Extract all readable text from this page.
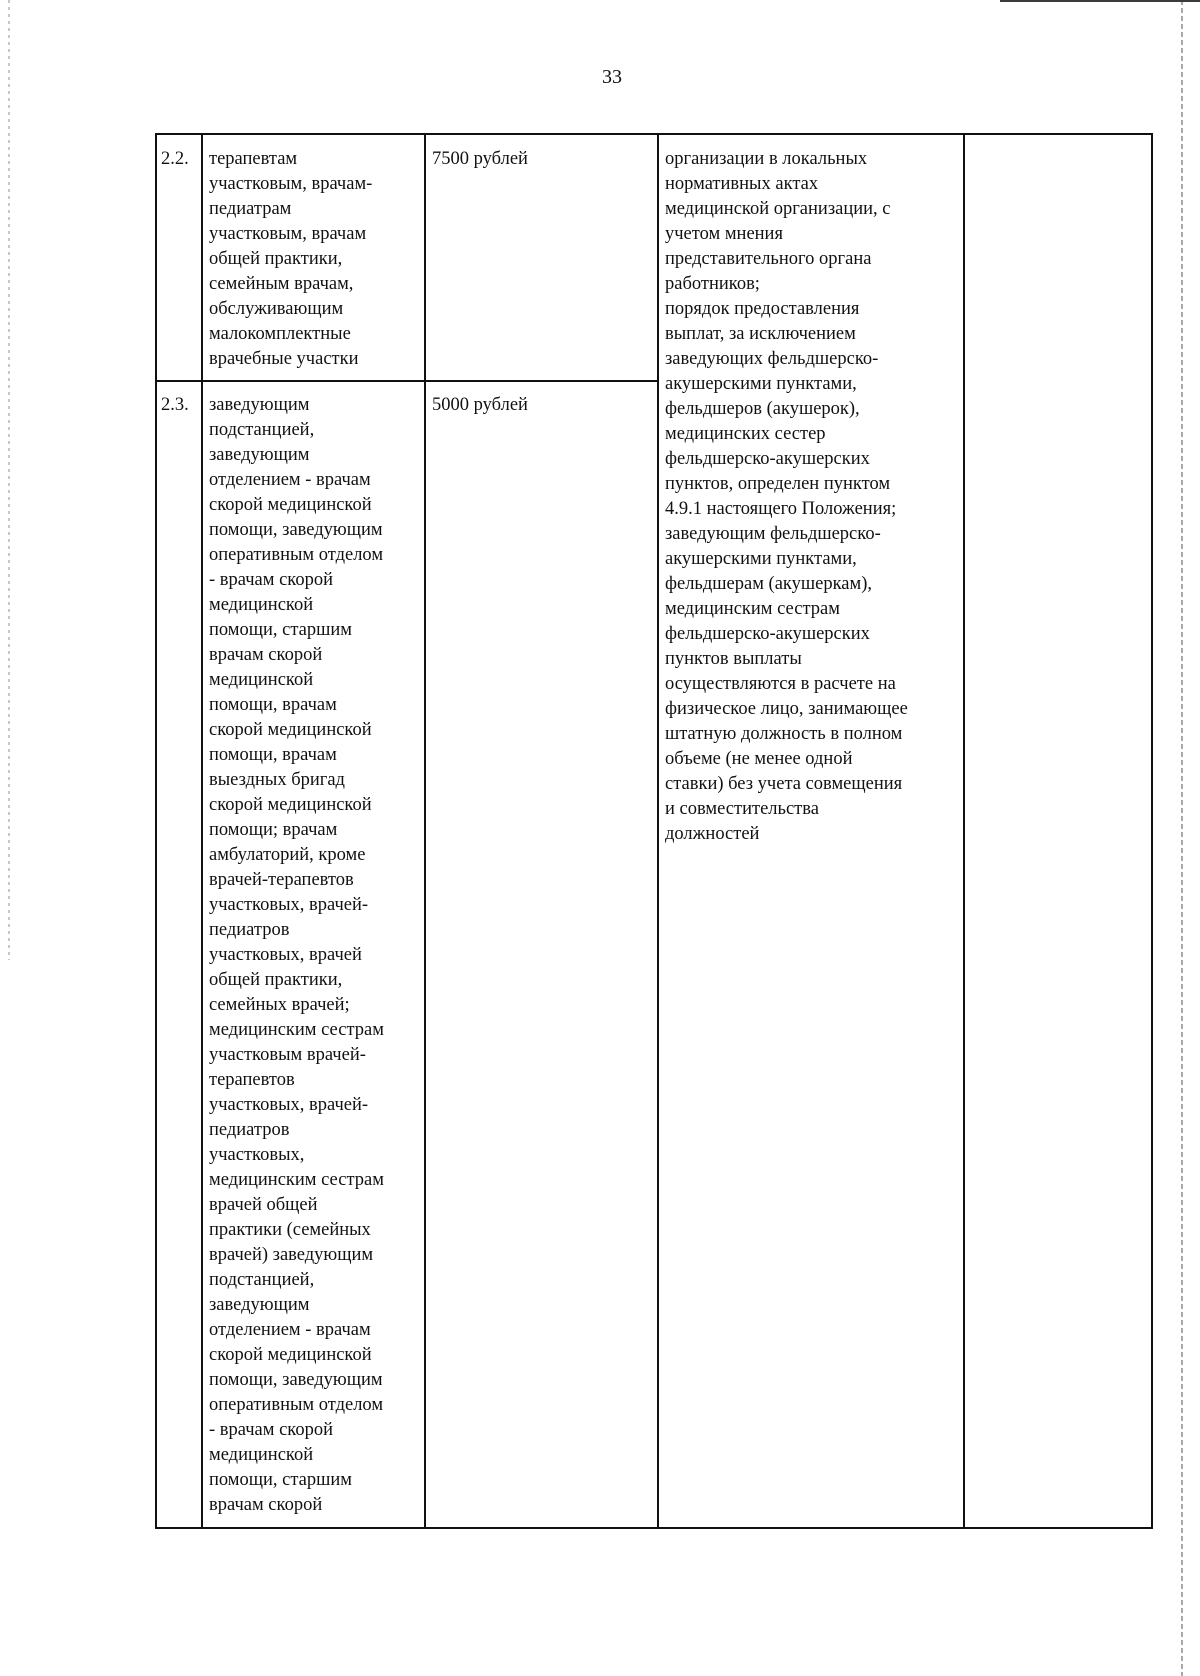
33
2.2. терапевтам
участковым, врачам-
педиатрам
участковым, врачам
общей практики,
семейным врачам,
обслуживающим
малокомплектные
врачебные участки
7500 рублей
2.3. заведующим
подстанцией,
заведующим
отделением - врачам
скорой медицинской
помощи, заведующим
оперативным отделом
- врачам скорой
медицинской
помощи, старшим
врачам скорой
медицинской
помощи, врачам
скорой медицинской
помощи, врачам
выездных бригад
скорой медицинской
помощи; врачам
амбулаторий, кроме
врачей-терапевтов
участковых, врачей-
педиатров
участковых, врачей
общей практики,
семейных врачей;
медицинским сестрам
участковым врачей-
терапевтов
участковых, врачей-
педиатров
участковых,
медицинским сестрам
врачей общей
практики (семейных
врачей) заведующим
подстанцией,
заведующим
отделением - врачам
скорой медицинской
помощи, заведующим
оперативным отделом
- врачам скорой
медицинской
помощи, старшим
врачам скорой
5000 рублей
организации в локальных
нормативных актах
медицинской организации, с
учетом мнения
представительного органа
работников;
порядок предоставления
выплат, за исключением
заведующих фельдшерско-
акушерскими пунктами,
фельдшеров (акушерок),
медицинских сестер
фельдшерско-акушерских
пунктов, определен пунктом
4.9.1 настоящего Положения;
заведующим фельдшерско-
акушерскими пунктами,
фельдшерам (акушеркам),
медицинским сестрам
фельдшерско-акушерских
пунктов выплаты
осуществляются в расчете на
физическое лицо, занимающее
штатную должность в полном
объеме (не менее одной
ставки) без учета совмещения
и совместительства
должностей
